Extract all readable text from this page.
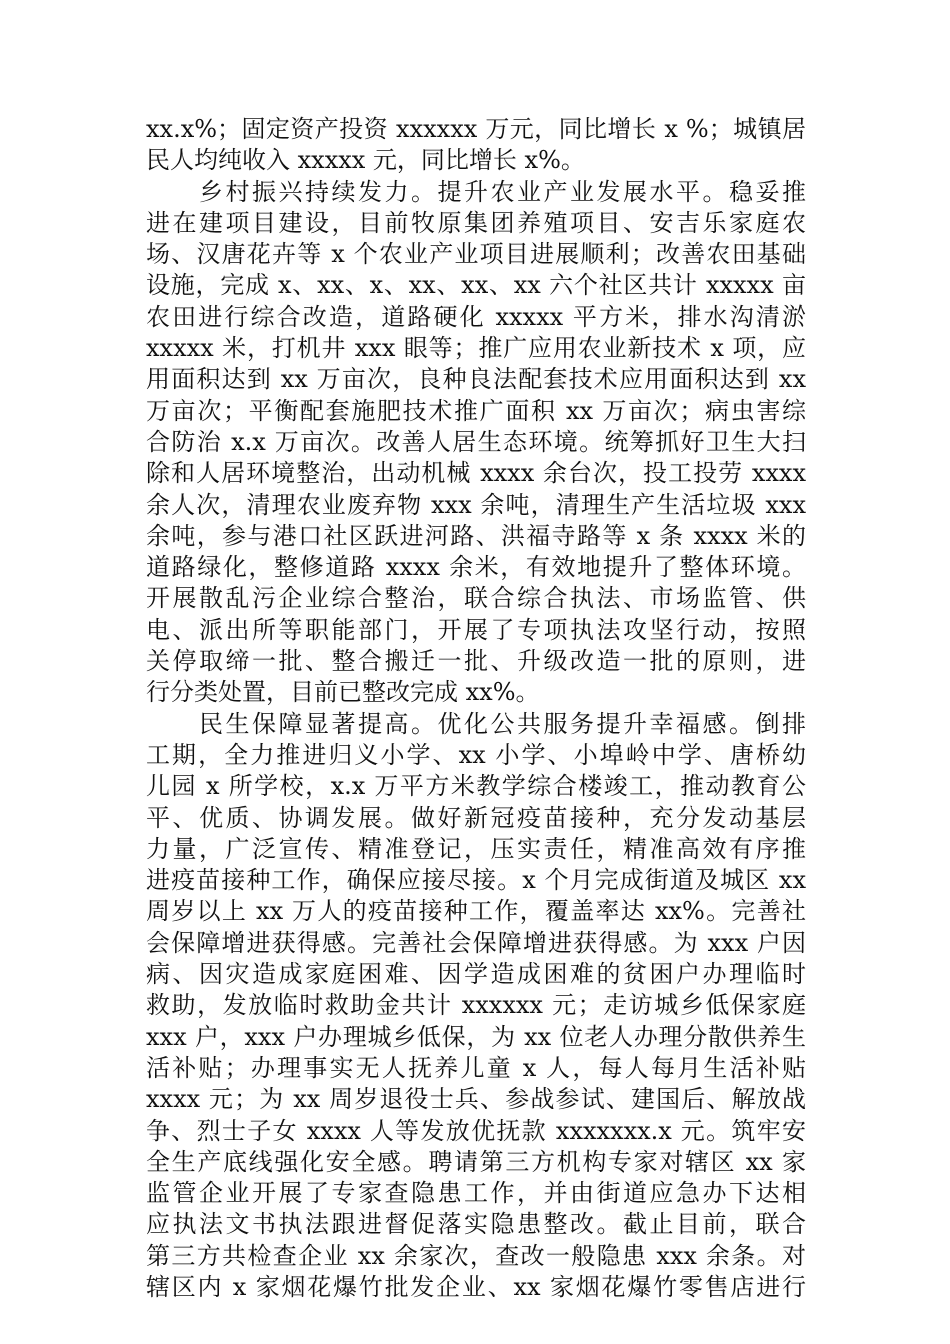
xx.x%；固定资产投资 xxxxxx 万元，同比增长 x %；城镇居
民人均纯收入 xxxxx 元，同比增长 x%。
　　乡村振兴持续发力。提升农业产业发展水平。稳妥推
进在建项目建设，目前牧原集团养殖项目、安吉乐家庭农
场、汉唐花卉等 x 个农业产业项目进展顺利；改善农田基础
设施，完成 x、xx、x、xx、xx、xx 六个社区共计 xxxxx 亩
农田进行综合改造，道路硬化 xxxxx 平方米，排水沟清淤
xxxxx 米，打机井 xxx 眼等；推广应用农业新技术 x 项，应
用面积达到 xx 万亩次，良种良法配套技术应用面积达到 xx
万亩次；平衡配套施肥技术推广面积 xx 万亩次；病虫害综
合防治 x.x 万亩次。改善人居生态环境。统筹抓好卫生大扫
除和人居环境整治，出动机械 xxxx 余台次，投工投劳 xxxx
余人次，清理农业废弃物 xxx 余吨，清理生产生活垃圾 xxx
余吨，参与港口社区跃进河路、洪福寺路等 x 条 xxxx 米的
道路绿化，整修道路 xxxx 余米，有效地提升了整体环境。
开展散乱污企业综合整治，联合综合执法、市场监管、供
电、派出所等职能部门，开展了专项执法攻坚行动，按照
关停取缔一批、整合搬迁一批、升级改造一批的原则，进
行分类处置，目前已整改完成 xx%。
　　民生保障显著提高。优化公共服务提升幸福感。倒排
工期，全力推进归义小学、xx 小学、小埠岭中学、唐桥幼
儿园 x 所学校，x.x 万平方米教学综合楼竣工，推动教育公
平、优质、协调发展。做好新冠疫苗接种，充分发动基层
力量，广泛宣传、精准登记，压实责任，精准高效有序推
进疫苗接种工作，确保应接尽接。x 个月完成街道及城区 xx
周岁以上 xx 万人的疫苗接种工作，覆盖率达 xx%。完善社
会保障增进获得感。完善社会保障增进获得感。为 xxx 户因
病、因灾造成家庭困难、因学造成困难的贫困户办理临时
救助，发放临时救助金共计 xxxxxx 元；走访城乡低保家庭
xxx 户，xxx 户办理城乡低保，为 xx 位老人办理分散供养生
活补贴；办理事实无人抚养儿童 x 人，每人每月生活补贴
xxxx 元；为 xx 周岁退役士兵、参战参试、建国后、解放战
争、烈士子女 xxxx 人等发放优抚款 xxxxxxx.x 元。筑牢安
全生产底线强化安全感。聘请第三方机构专家对辖区 xx 家
监管企业开展了专家查隐患工作，并由街道应急办下达相
应执法文书执法跟进督促落实隐患整改。截止目前，联合
第三方共检查企业 xx 余家次，查改一般隐患 xxx 余条。对
辖区内 x 家烟花爆竹批发企业、xx 家烟花爆竹零售店进行
